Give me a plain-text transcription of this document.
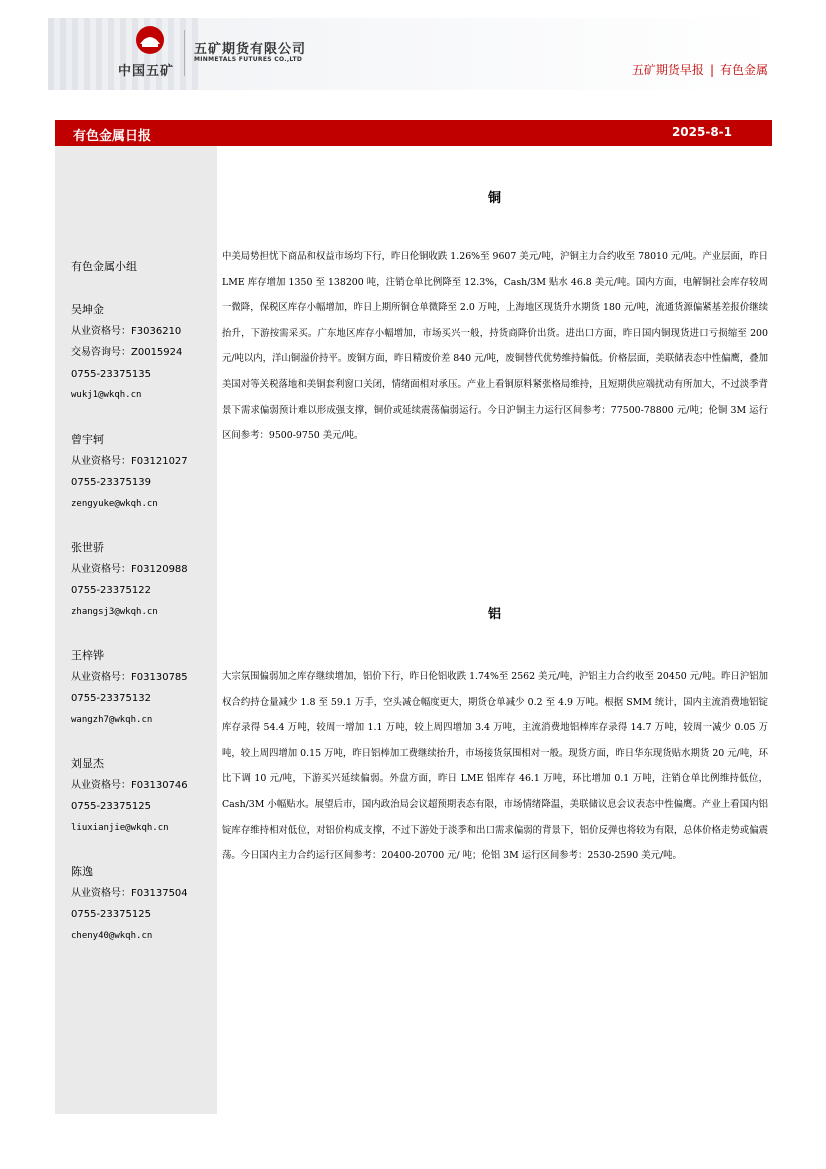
中国五矿
五矿期货有限公司
MINMETALS FUTURES CO.,LTD
五矿期货早报 | 有色金属
有色金属日报	2025-8-1
有色金属小组
吴坤金
从业资格号：F3036210
交易咨询号：Z0015924
0755-23375135
wukj1@wkqh.cn
曾宇轲
从业资格号：F03121027
0755-23375139
zengyuke@wkqh.cn
张世骄
从业资格号：F03120988
0755-23375122
zhangsj3@wkqh.cn
王梓铧
从业资格号：F03130785
0755-23375132
wangzh7@wkqh.cn
刘显杰
从业资格号：F03130746
0755-23375125
liuxianjie@wkqh.cn
陈逸
从业资格号：F03137504
0755-23375125
cheny40@wkqh.cn
铜

中美局势担忧下商品和权益市场均下行，昨日伦铜收跌 1.26%至 9607 美元/吨，沪铜主力合约收至 78010 元/吨。产业层面，昨日 LME 库存增加 1350 至 138200 吨，注销仓单比例降至 12.3%，Cash/3M 贴水 46.8 美元/吨。国内方面，电解铜社会库存较周一微降，保税区库存小幅增加，昨日上期所铜仓单微降至 2.0 万吨，上海地区现货升水期货 180 元/吨，流通货源偏紧基差报价继续抬升，下游按需采买。广东地区库存小幅增加，市场买兴一般，持货商降价出货。进出口方面，昨日国内铜现货进口亏损缩至 200 元/吨以内，洋山铜溢价持平。废铜方面，昨日精废价差 840 元/吨，废铜替代优势维持偏低。价格层面，美联储表态中性偏鹰，叠加美国对等关税落地和美铜套利窗口关闭，情绪面相对承压。产业上看铜原料紧张格局维持，且短期供应端扰动有所加大，不过淡季背景下需求偏弱预计难以形成强支撑，铜价或延续震荡偏弱运行。今日沪铜主力运行区间参考：77500-78800 元/吨；伦铜 3M 运行区间参考：9500-9750 美元/吨。

铝

大宗氛围偏弱加之库存继续增加，铝价下行，昨日伦铝收跌 1.74%至 2562 美元/吨，沪铝主力合约收至 20450 元/吨。昨日沪铝加权合约持仓量减少 1.8 至 59.1 万手，空头减仓幅度更大，期货仓单减少 0.2 至 4.9 万吨。根据 SMM 统计，国内主流消费地铝锭库存录得 54.4 万吨，较周一增加 1.1 万吨，较上周四增加 3.4 万吨，主流消费地铝棒库存录得 14.7 万吨，较周一减少 0.05 万吨，较上周四增加 0.15 万吨，昨日铝棒加工费继续抬升，市场接货氛围相对一般。现货方面，昨日华东现货贴水期货 20 元/吨，环比下调 10 元/吨，下游买兴延续偏弱。外盘方面，昨日 LME 铝库存 46.1 万吨，环比增加 0.1 万吨，注销仓单比例维持低位，Cash/3M 小幅贴水。展望后市，国内政治局会议超预期表态有限，市场情绪降温，美联储议息会议表态中性偏鹰。产业上看国内铝锭库存维持相对低位，对铝价构成支撑，不过下游处于淡季和出口需求偏弱的背景下，铝价反弹也将较为有限，总体价格走势或偏震荡。今日国内主力合约运行区间参考：20400-20700 元/ 吨；伦铝 3M 运行区间参考：2530-2590 美元/吨。
